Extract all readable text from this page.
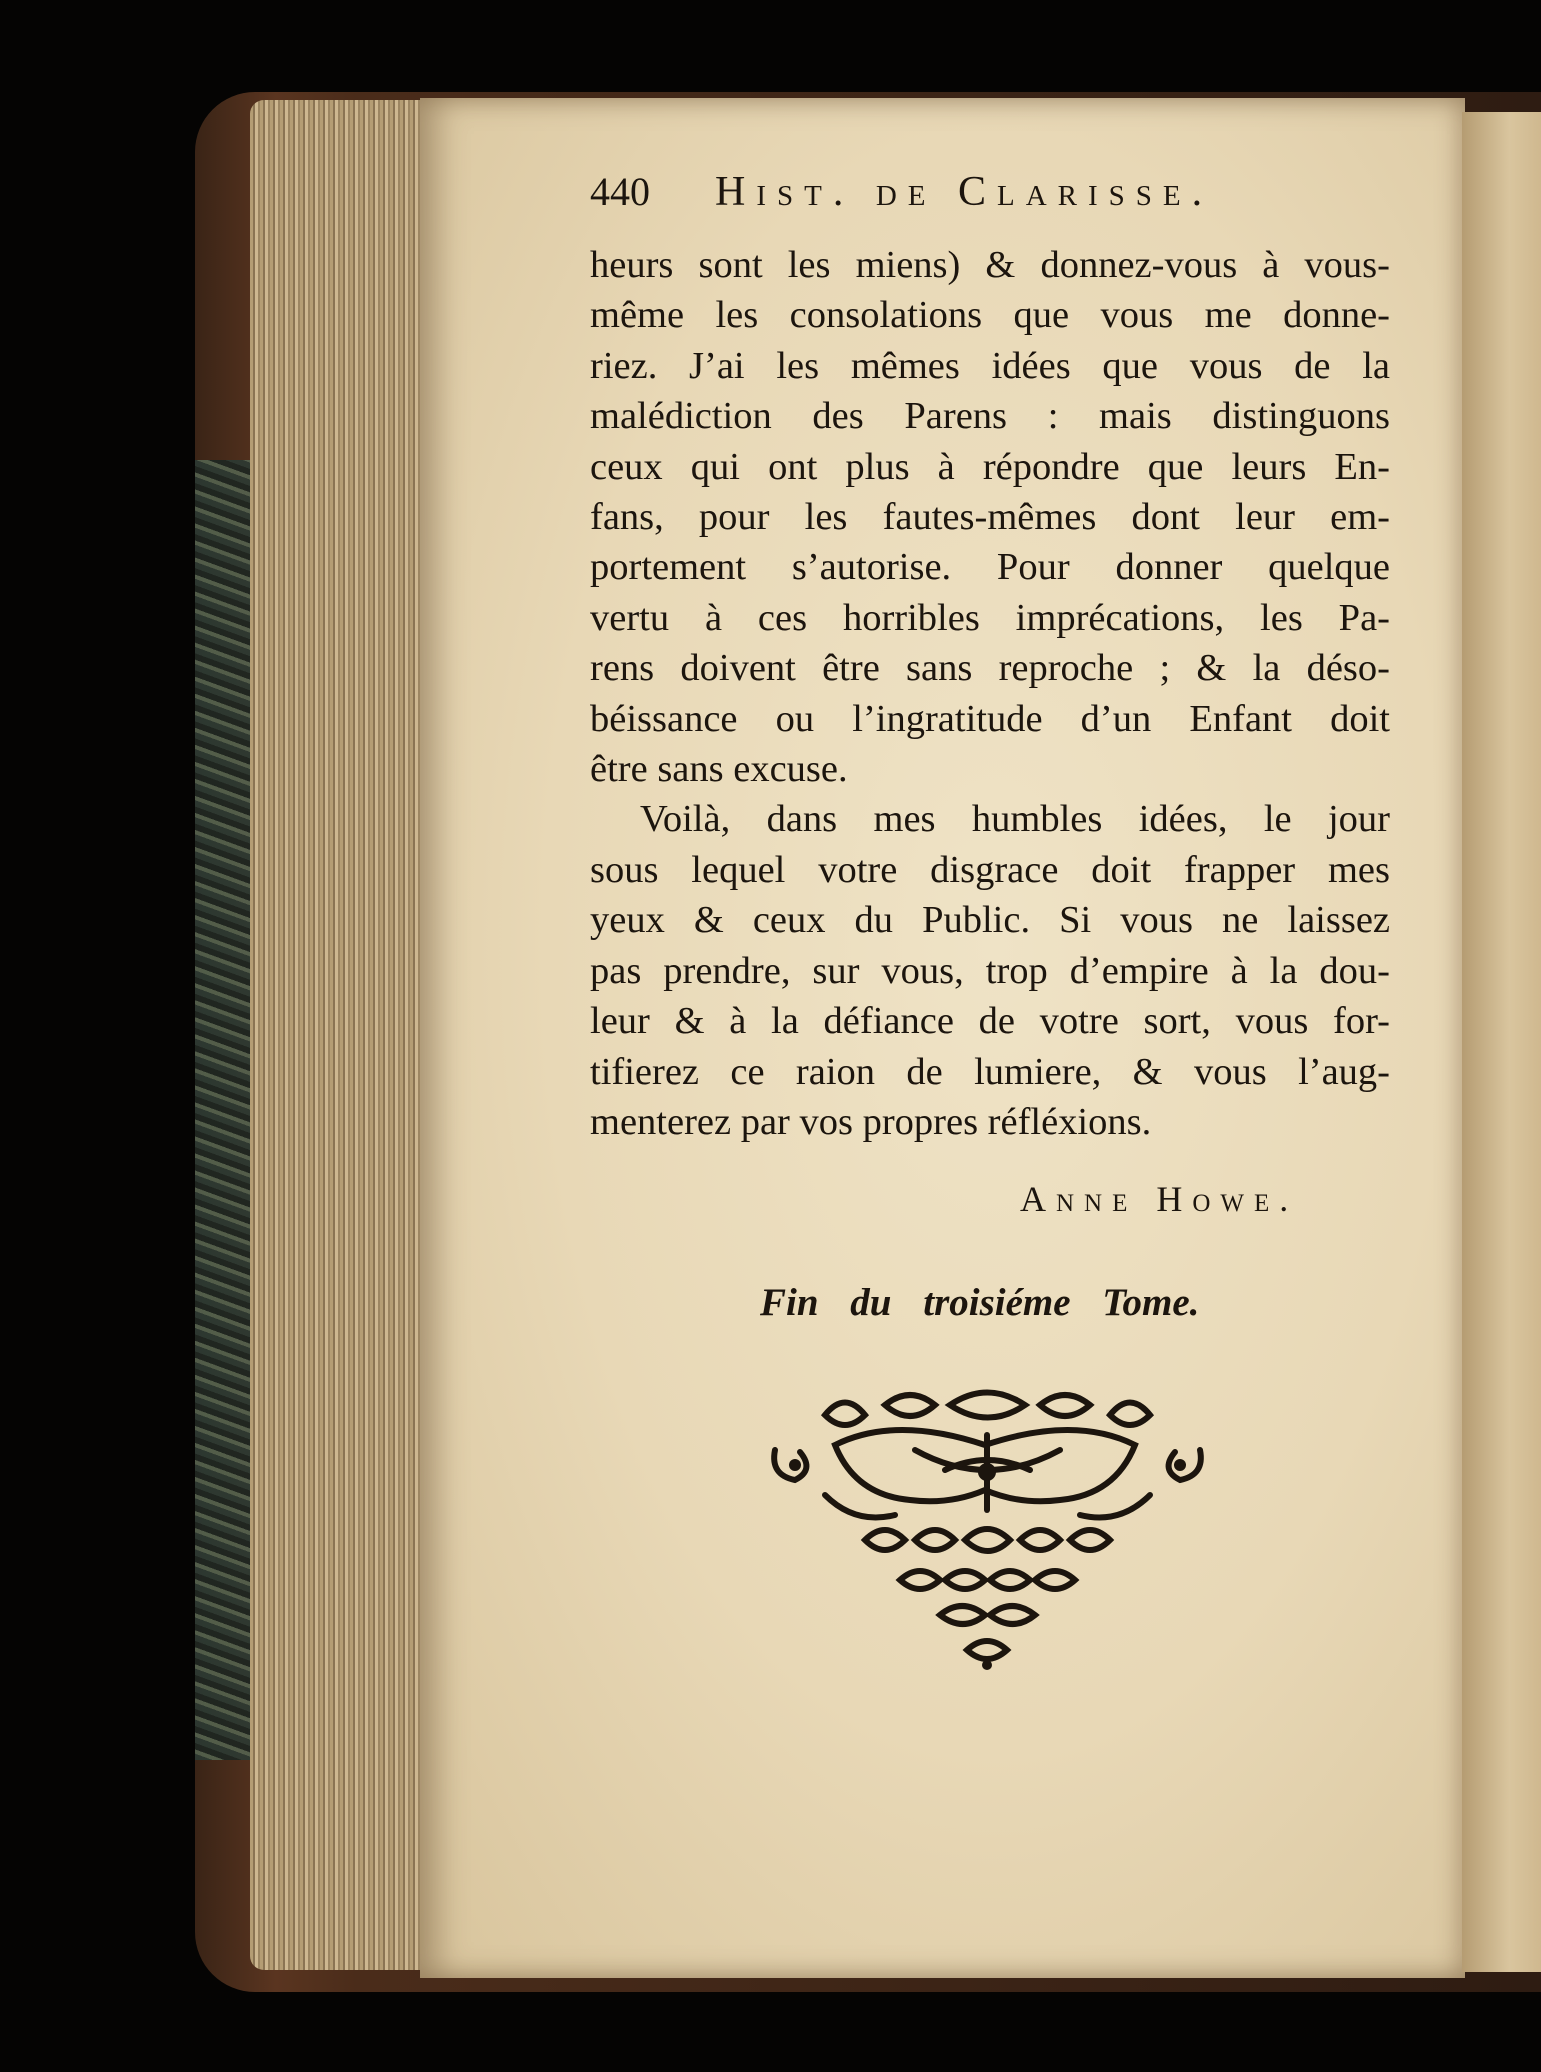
440 Hist. de Clarisse.

heurs sont les miens) & donnez-vous à vous-

même les consolations que vous me donne-

riez. J’ai les mêmes idées que vous de la

malédiction des Parens : mais distinguons

ceux qui ont plus à répondre que leurs En-

fans, pour les fautes-mêmes dont leur em-

portement s’autorise. Pour donner quelque

vertu à ces horribles imprécations, les Pa-

rens doivent être sans reproche ; & la déso-

béissance ou l’ingratitude d’un Enfant doit

être sans excuse.

Voilà, dans mes humbles idées, le jour

sous lequel votre disgrace doit frapper mes

yeux & ceux du Public. Si vous ne laissez

pas prendre, sur vous, trop d’empire à la dou-

leur & à la défiance de votre sort, vous for-

tifierez ce raion de lumiere, & vous l’aug-

menterez par vos propres réfléxions.

Anne Howe.
Fin du troisiéme Tome.
